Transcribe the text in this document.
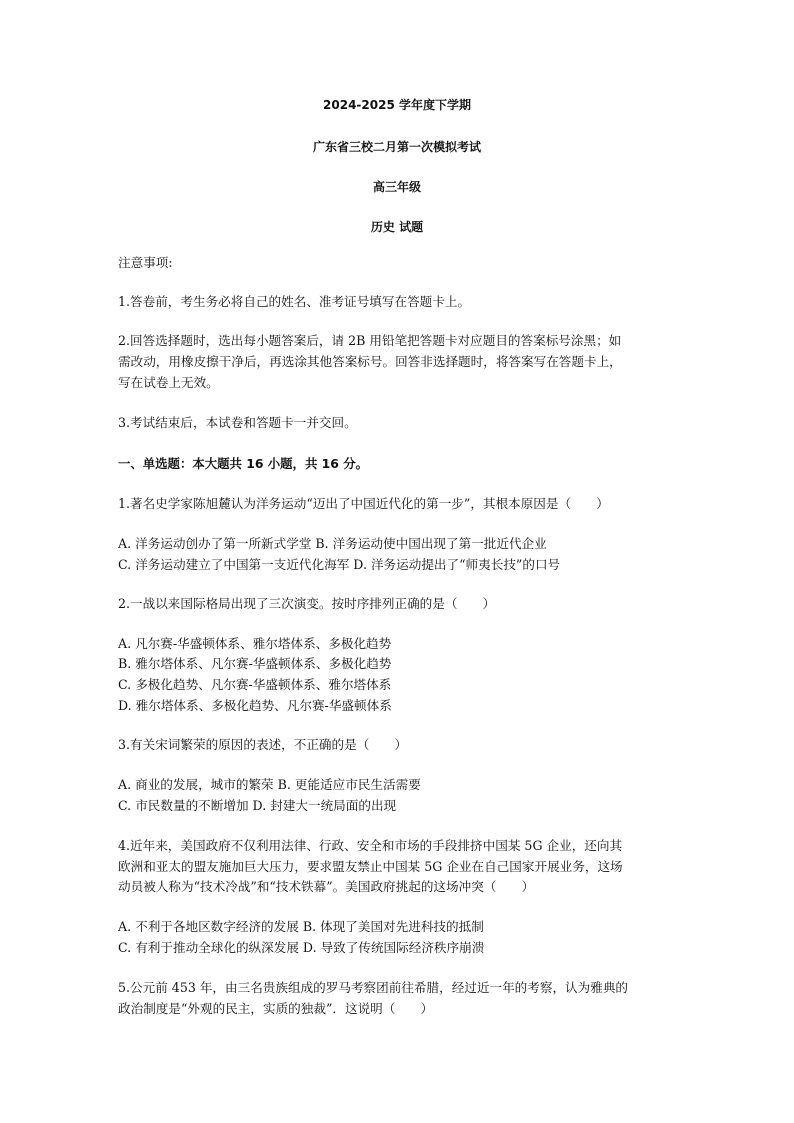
2024-2025 学年度下学期
广东省三校二月第一次模拟考试
高三年级
历史 试题
注意事项:
1.答卷前，考生务必将自己的姓名、准考证号填写在答题卡上。
2.回答选择题时，选出每小题答案后，请 2B 用铅笔把答题卡对应题目的答案标号涂黑；如
需改动，用橡皮擦干净后，再选涂其他答案标号。回答非选择题时，将答案写在答题卡上，
写在试卷上无效。
3.考试结束后，本试卷和答题卡一并交回。
一、单选题：本大题共 16 小题，共 16 分。
1.著名史学家陈旭麓认为洋务运动“迈出了中国近代化的第一步”，其根本原因是（　　）
A. 洋务运动创办了第一所新式学堂 B. 洋务运动使中国出现了第一批近代企业
C. 洋务运动建立了中国第一支近代化海军 D. 洋务运动提出了“师夷长技”的口号
2.一战以来国际格局出现了三次演变。按时序排列正确的是（　　）
A. 凡尔赛-华盛顿体系、雅尔塔体系、多极化趋势
B. 雅尔塔体系、凡尔赛-华盛顿体系、多极化趋势
C. 多极化趋势、凡尔赛-华盛顿体系、雅尔塔体系
D. 雅尔塔体系、多极化趋势、凡尔赛-华盛顿体系
3.有关宋词繁荣的原因的表述，不正确的是（　　）
A. 商业的发展，城市的繁荣 B. 更能适应市民生活需要
C. 市民数量的不断增加 D. 封建大一统局面的出现
4.近年来，美国政府不仅利用法律、行政、安全和市场的手段排挤中国某 5G 企业，还向其
欧洲和亚太的盟友施加巨大压力，要求盟友禁止中国某 5G 企业在自己国家开展业务，这场
动员被人称为“技术冷战”和“技术铁幕”。美国政府挑起的这场冲突（　　）
A. 不利于各地区数字经济的发展 B. 体现了美国对先进科技的抵制
C. 有利于推动全球化的纵深发展 D. 导致了传统国际经济秩序崩溃
5.公元前 453 年，由三名贵族组成的罗马考察团前往希腊，经过近一年的考察，认为雅典的
政治制度是“外观的民主，实质的独裁”．这说明（　　）
